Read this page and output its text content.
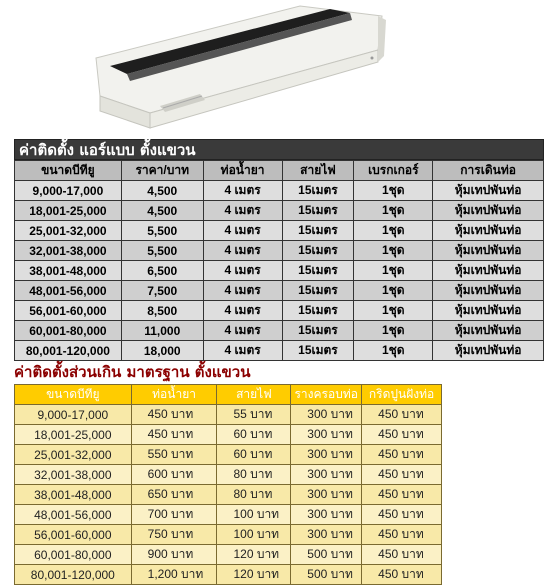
ค่าติดตั้ง แอร์แบบ ตั้งแขวน
ขนาดบีทียู	ราคา/บาท	ท่อน้ำยา	สายไฟ	เบรกเกอร์	การเดินท่อ
9,000-17,000	4,500	4 เมตร	15เมตร	1ชุด	หุ้มเทปพันท่อ
18,001-25,000	4,500	4 เมตร	15เมตร	1ชุด	หุ้มเทปพันท่อ
25,001-32,000	5,500	4 เมตร	15เมตร	1ชุด	หุ้มเทปพันท่อ
32,001-38,000	5,500	4 เมตร	15เมตร	1ชุด	หุ้มเทปพันท่อ
38,001-48,000	6,500	4 เมตร	15เมตร	1ชุด	หุ้มเทปพันท่อ
48,001-56,000	7,500	4 เมตร	15เมตร	1ชุด	หุ้มเทปพันท่อ
56,001-60,000	8,500	4 เมตร	15เมตร	1ชุด	หุ้มเทปพันท่อ
60,001-80,000	11,000	4 เมตร	15เมตร	1ชุด	หุ้มเทปพันท่อ
80,001-120,000	18,000	4 เมตร	15เมตร	1ชุด	หุ้มเทปพันท่อ
ค่าติดตั้งส่วนเกิน มาตรฐาน ตั้งแขวน
ขนาดบีทียู	ท่อน้ำยา	สายไฟ	รางครอบท่อ	กริดปูนฝังท่อ
9,000-17,000	450 บาท	55 บาท	300 บาท	450 บาท
18,001-25,000	450 บาท	60 บาท	300 บาท	450 บาท
25,001-32,000	550 บาท	60 บาท	300 บาท	450 บาท
32,001-38,000	600 บาท	80 บาท	300 บาท	450 บาท
38,001-48,000	650 บาท	80 บาท	300 บาท	450 บาท
48,001-56,000	700 บาท	100 บาท	300 บาท	450 บาท
56,001-60,000	750 บาท	100 บาท	300 บาท	450 บาท
60,001-80,000	900 บาท	120 บาท	500 บาท	450 บาท
80,001-120,000	1,200 บาท	120 บาท	500 บาท	450 บาท
